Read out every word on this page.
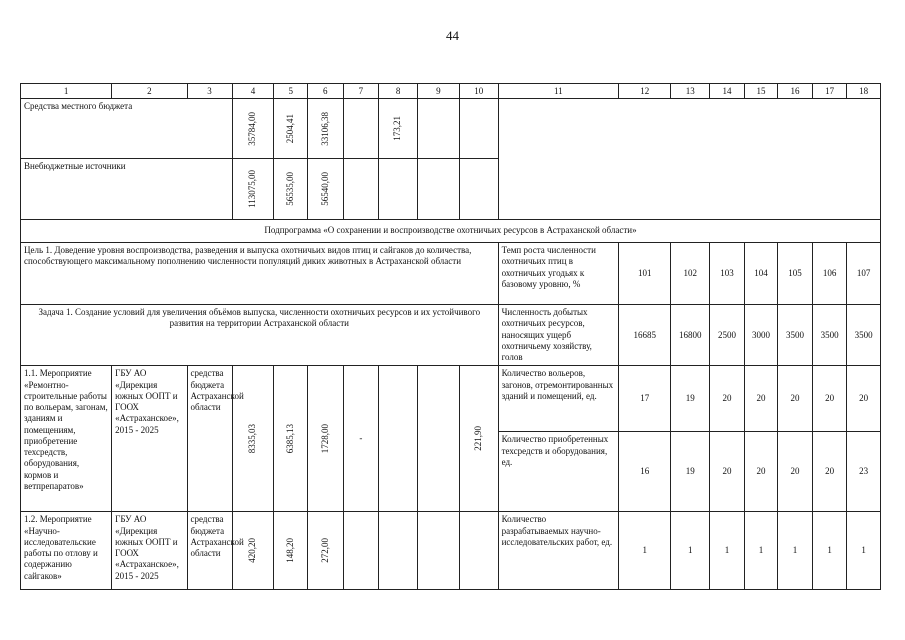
44
1	2	3	4	5	6	7	8	9	10	11	12	13	14	15	16	17	18
Средства местного бюджета			35784,00	2504,41	33106,38		173,21										

Внебюджетные источники			113075,00	56535,00	56540,00												

Подпрограмма «О сохранении и воспроизводстве охотничьих ресурсов в Астраханской области»																	
Цель 1. Доведение уровня воспроизводства, разведения и выпуска охотничьих видов птиц и сайгаков до количества, способствующего максимальному пополнению численности популяций диких животных в Астраханской области										Темп роста численности охотничьих птиц в охотничьих угодьях к базовому уровню, %	101	102	103	104	105	106	107
Задача 1. Создание условий для увеличения объёмов выпуска, численности охотничьих ресурсов и их устойчивого развития на территории Астраханской области										Численность добытых охотничьих ресурсов, наносящих ущерб охотничьему хозяйству, голов	16685	16800	2500	3000	3500	3500	3500
1.1. Мероприятие «Ремонтно-строительные работы по вольерам, загонам, зданиям и помещениям, приобретение техсредств, оборудования, кормов и ветпрепаратов»	ГБУ АО «Дирекция южных ООПТ и ГООХ «Астраханское», 2015 - 2025	средства бюджета Астраханской области	8335,03	6385,13	1728,00	-			221,90	Количество вольеров, загонов, отремонтированных зданий и помещений, ед.	17	19	20	20	20	20	20
										Количество приобретенных техсредств и оборудования, ед.	16	19	20	20	20	20	23
1.2. Мероприятие «Научно-исследовательские работы по отлову и содержанию сайгаков»	ГБУ АО «Дирекция южных ООПТ и ГООХ «Астраханское», 2015 - 2025	средства бюджета Астраханской области	420,20	148,20	272,00					Количество разрабатываемых научно-исследовательских работ, ед.	1	1	1	1	1	1	1
